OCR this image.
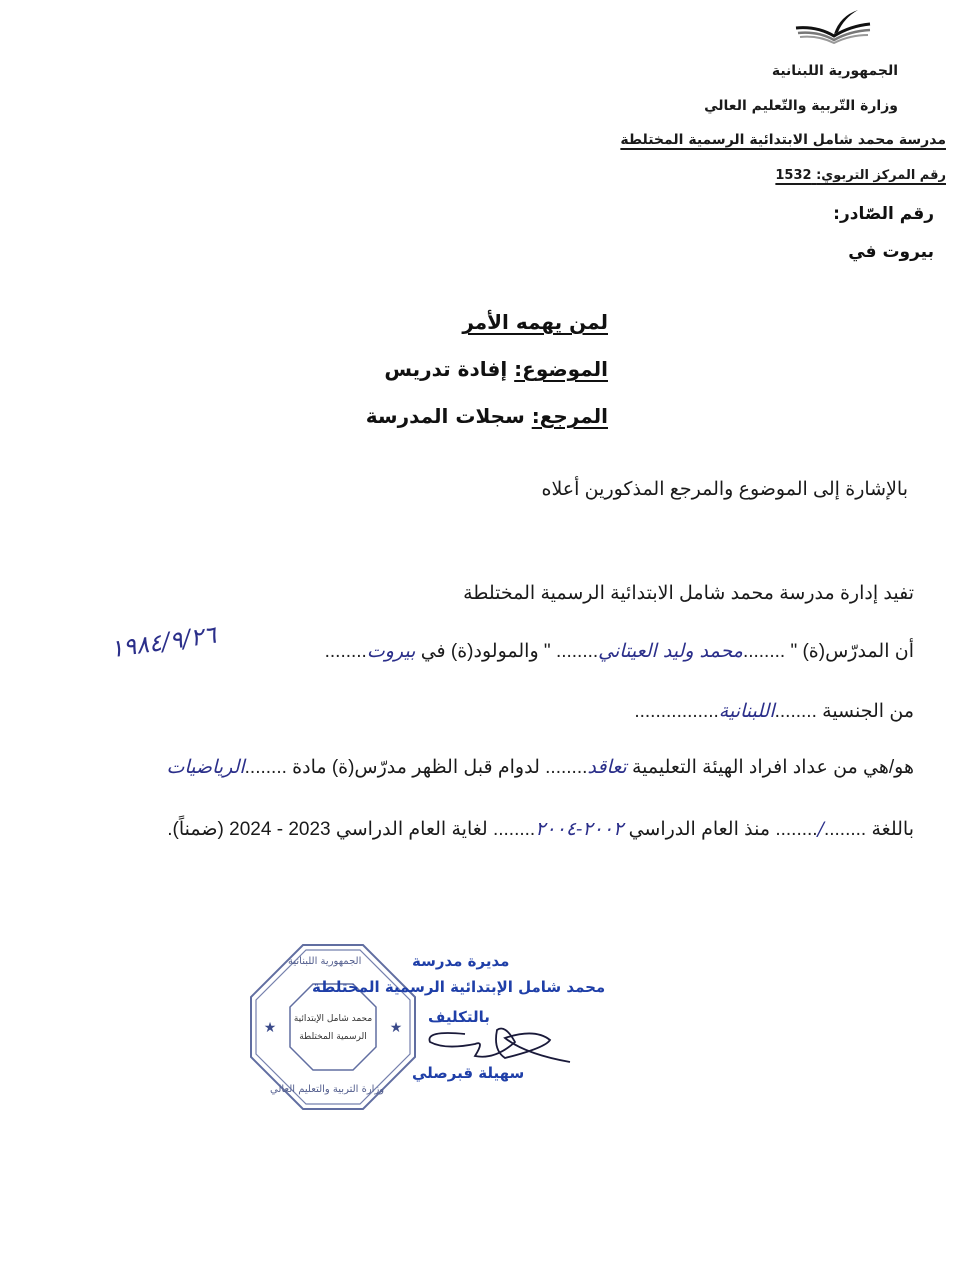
الجمهورية اللبنانية
وزارة التّربية والتّعليم العالي
مدرسة محمد شامل الابتدائية الرسمية المختلطة
رقم المركز التربوي: 1532
رقم الصّادر:
بيروت في
لمن يهمه الأمر
الموضوع: إفادة تدريس
المرجع: سجلات المدرسة
بالإشارة إلى الموضوع والمرجع المذكورين أعلاه
تفيد إدارة مدرسة محمد شامل الابتدائية الرسمية المختلطة
أن المدرّس(ة) " ........محمد وليد العيتاني........ " والمولود(ة) في بيروت........
١٩٨٤/٩/٢٦
من الجنسية ........اللبنانية................
هو/هي من عداد افراد الهيئة التعليمية تعاقد........ لدوام قبل الظهر مدرّس(ة) مادة ........الرياضيات
باللغة ......../........ منذ العام الدراسي ٢٠٠٢-٢٠٠٤........ لغاية العام الدراسي 2023 - 2024 (ضمناً).
★	★
الجمهورية اللبنانية
محمد شامل الإبتدائية
الرسمية المختلطة
وزارة التربية والتعليم العالي
مديرة مدرسة
محمد شامل الإبتدائية الرسمية المختلطة
بالتكليف
سهيلة قبرصلي
